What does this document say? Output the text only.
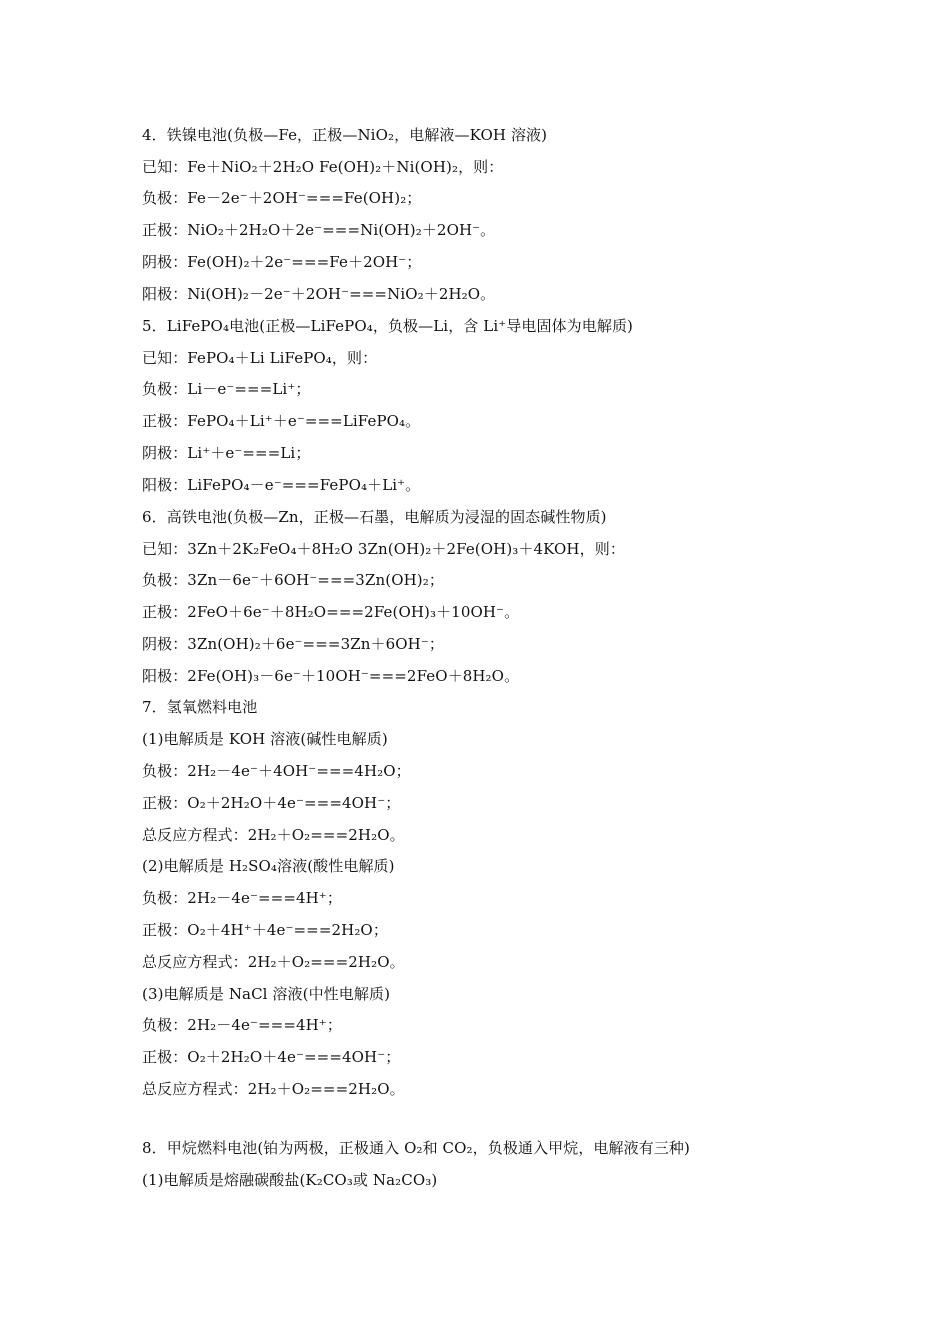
4．铁镍电池(负极—Fe，正极—NiO₂，电解液—KOH 溶液)
已知：Fe＋NiO₂＋2H₂O Fe(OH)₂＋Ni(OH)₂，则：
负极：Fe－2e⁻＋2OH⁻===Fe(OH)₂；
正极：NiO₂＋2H₂O＋2e⁻===Ni(OH)₂＋2OH⁻。
阴极：Fe(OH)₂＋2e⁻===Fe＋2OH⁻；
阳极：Ni(OH)₂－2e⁻＋2OH⁻===NiO₂＋2H₂O。
5．LiFePO₄电池(正极—LiFePO₄，负极—Li，含 Li⁺导电固体为电解质)
已知：FePO₄＋Li LiFePO₄，则：
负极：Li－e⁻===Li⁺；
正极：FePO₄＋Li⁺＋e⁻===LiFePO₄。
阴极：Li⁺＋e⁻===Li；
阳极：LiFePO₄－e⁻===FePO₄＋Li⁺。
6．高铁电池(负极—Zn，正极—石墨，电解质为浸湿的固态碱性物质)
已知：3Zn＋2K₂FeO₄＋8H₂O 3Zn(OH)₂＋2Fe(OH)₃＋4KOH，则：
负极：3Zn－6e⁻＋6OH⁻===3Zn(OH)₂；
正极：2FeO＋6e⁻＋8H₂O===2Fe(OH)₃＋10OH⁻。
阴极：3Zn(OH)₂＋6e⁻===3Zn＋6OH⁻；
阳极：2Fe(OH)₃－6e⁻＋10OH⁻===2FeO＋8H₂O。
7．氢氧燃料电池
(1)电解质是 KOH 溶液(碱性电解质)
负极：2H₂－4e⁻＋4OH⁻===4H₂O；
正极：O₂＋2H₂O＋4e⁻===4OH⁻；
总反应方程式：2H₂＋O₂===2H₂O。
(2)电解质是 H₂SO₄溶液(酸性电解质)
负极：2H₂－4e⁻===4H⁺；
正极：O₂＋4H⁺＋4e⁻===2H₂O；
总反应方程式：2H₂＋O₂===2H₂O。
(3)电解质是 NaCl 溶液(中性电解质)
负极：2H₂－4e⁻===4H⁺；
正极：O₂＋2H₂O＋4e⁻===4OH⁻；
总反应方程式：2H₂＋O₂===2H₂O。
8．甲烷燃料电池(铂为两极，正极通入 O₂和 CO₂，负极通入甲烷，电解液有三种)
(1)电解质是熔融碳酸盐(K₂CO₃或 Na₂CO₃)
